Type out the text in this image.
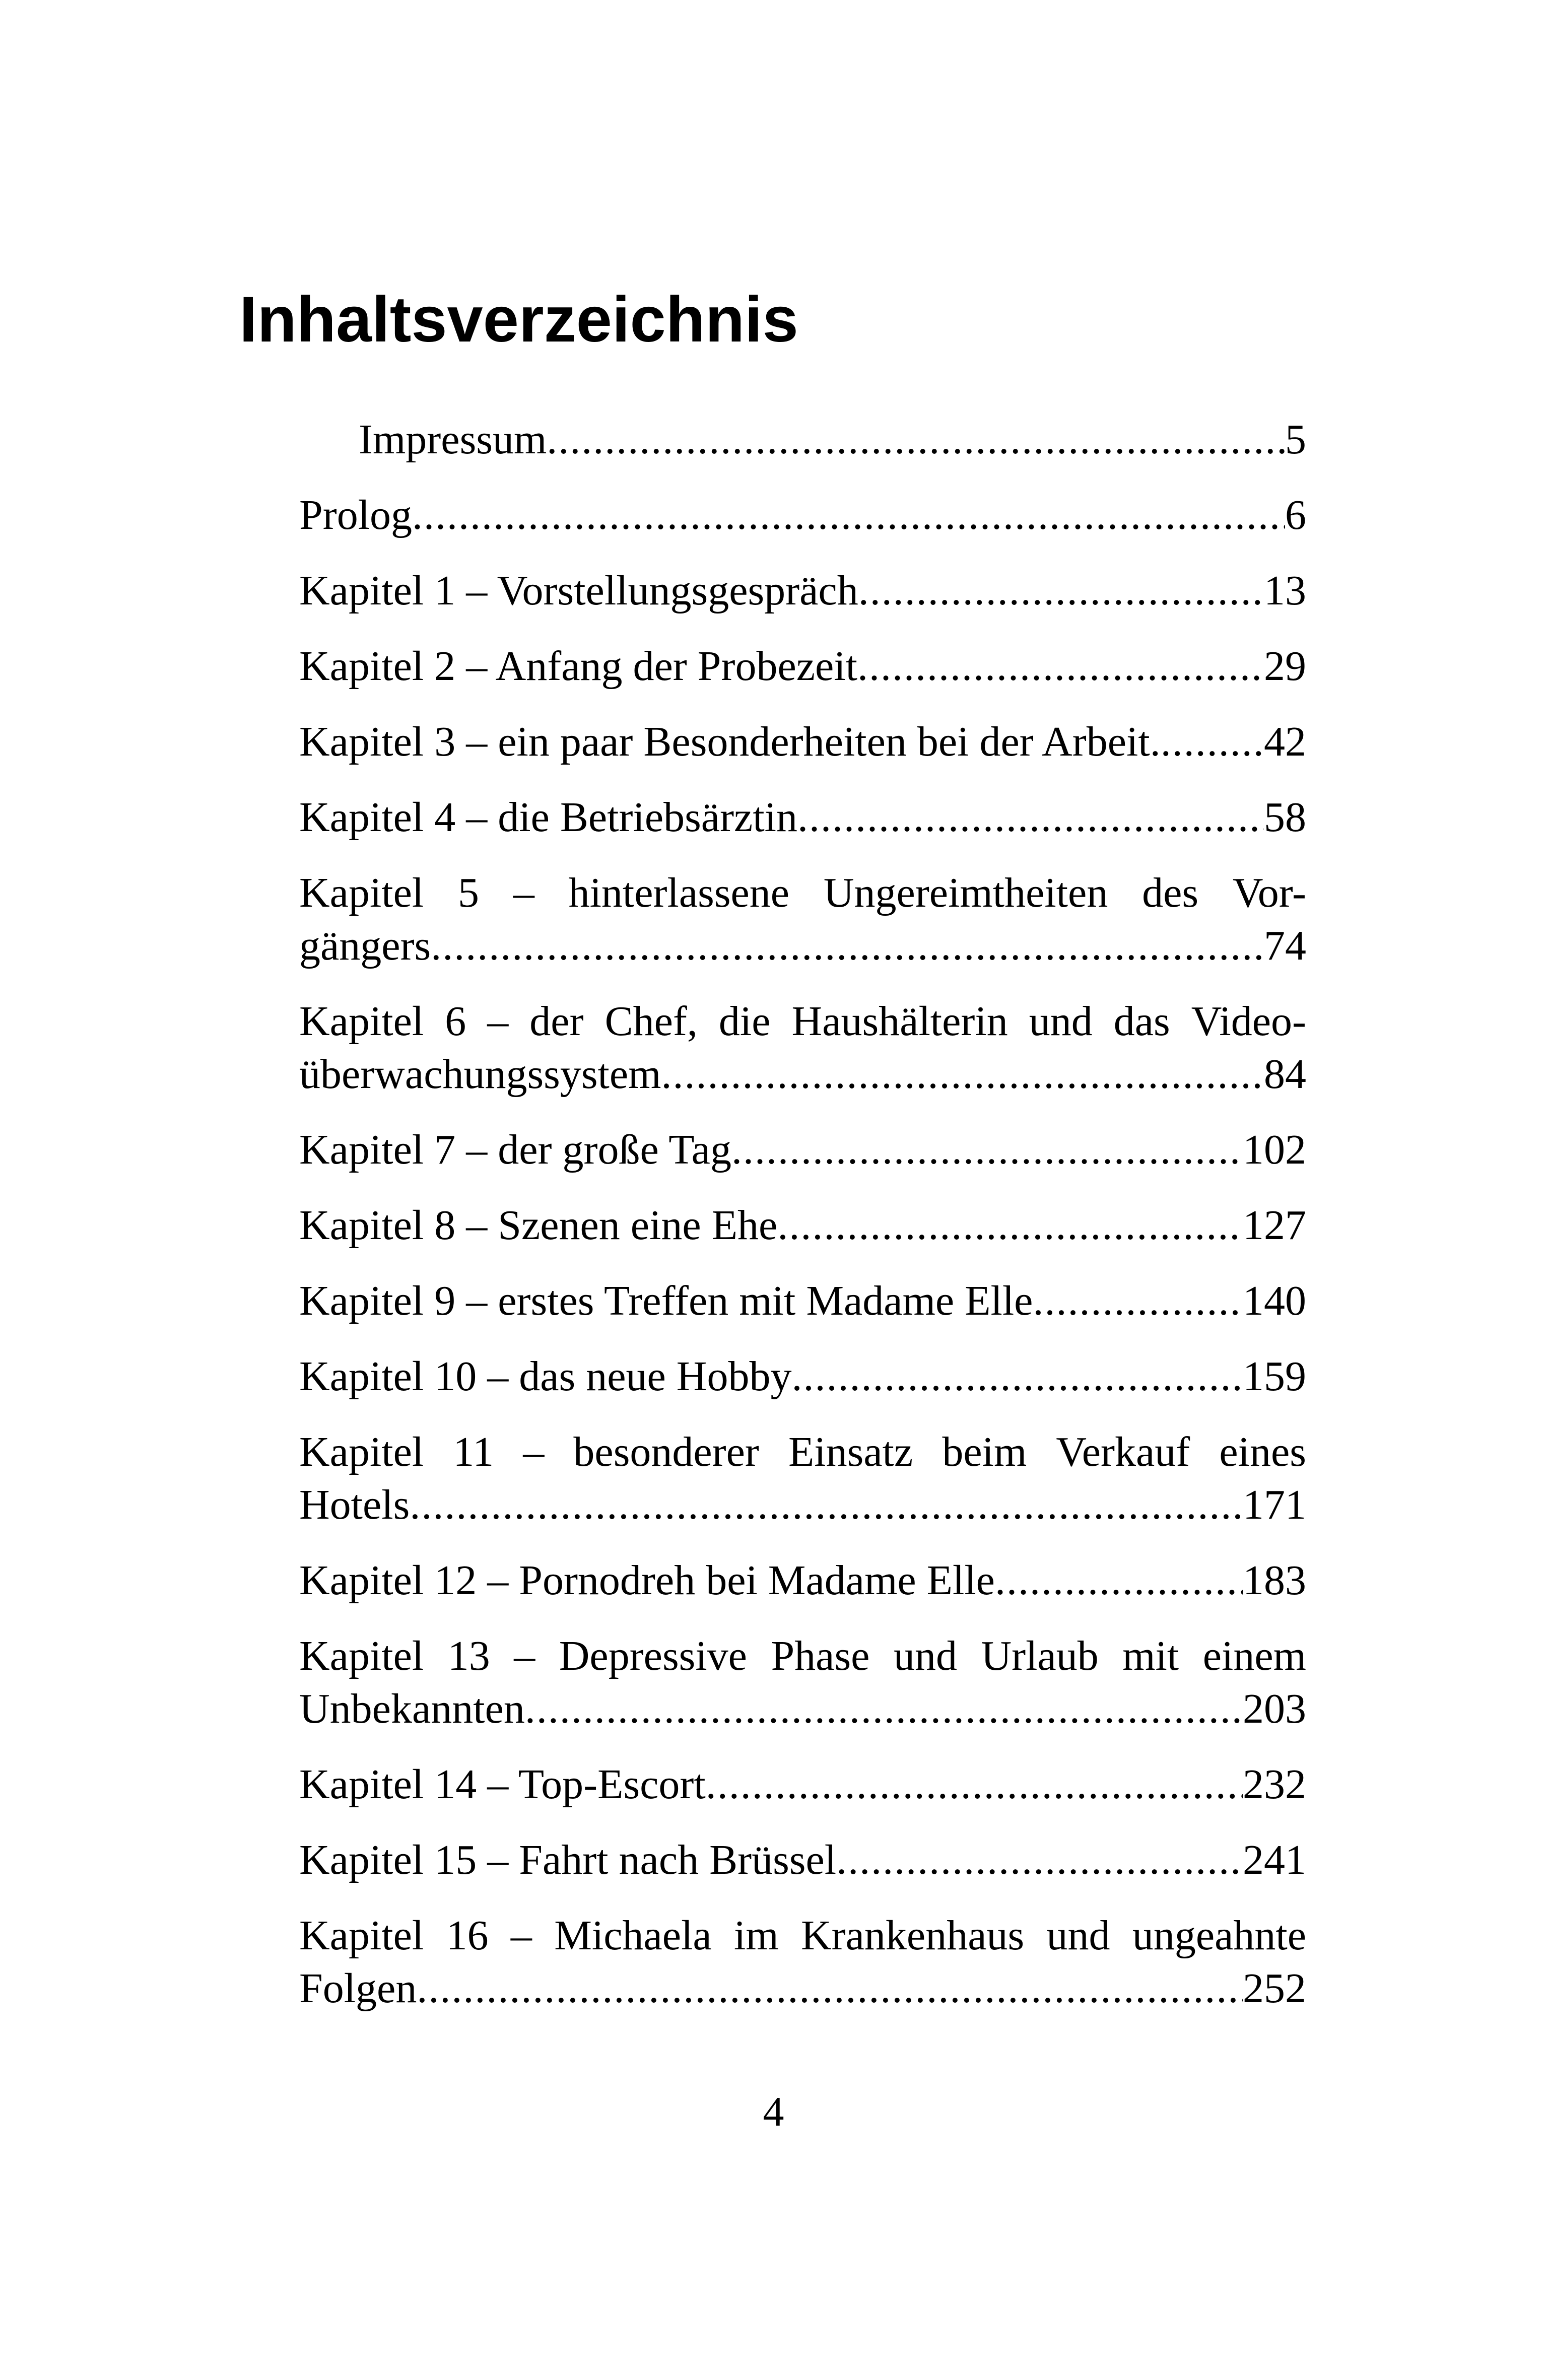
Inhaltsverzeichnis
Impressum .....	5
Prolog .....	6
Kapitel 1 – Vorstellungsgespräch .....	13
Kapitel 2 – Anfang der Probezeit .....	29
Kapitel 3 – ein paar Besonderheiten bei der Arbeit. ..... 42
Kapitel 4 – die Betriebsärztin .....	58
Kapitel 5 – hinterlassene Ungereimtheiten des Vor-
gängers .....	74
Kapitel 6 – der Chef, die Haushälterin und das Video-
überwachungssystem .....	84
Kapitel 7 – der große Tag .....	102
Kapitel 8 – Szenen eine Ehe .....	127
Kapitel 9 – erstes Treffen mit Madame Elle .....	140
Kapitel 10 – das neue Hobby .....	159
Kapitel 11 – besonderer Einsatz beim Verkauf eines
Hotels .....	171
Kapitel 12 – Pornodreh bei Madame Elle .....	183
Kapitel 13 – Depressive Phase und Urlaub mit einem
Unbekannten .....	203
Kapitel 14 – Top-Escort .....	232
Kapitel 15 – Fahrt nach Brüssel .....	241
Kapitel 16 – Michaela im Krankenhaus und ungeahnte
Folgen .....	252
4
